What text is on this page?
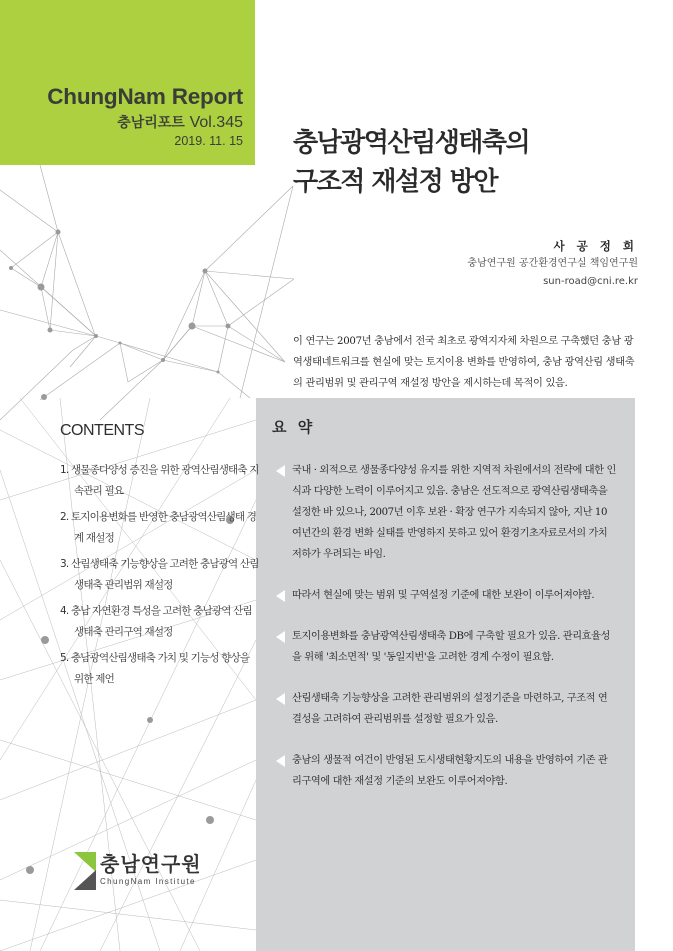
ChungNam Report
충남리포트 Vol.345
2019. 11. 15 충남광역산림생태축의
구조적 재설정 방안
사 공 정 희
충남연구원 공간환경연구실 책임연구원
sun-road@cni.re.kr
이 연구는 2007년 충남에서 전국 최초로 광역지자체 차원으로 구축했던 충남 광역생태네트워크를 현실에 맞는 토지이용 변화를 반영하여, 충남 광역산림 생태축의 관리범위 및 관리구역 재설정 방안을 제시하는데 목적이 있음.
CONTENTS
1. 생물종다양성 증진을 위한 광역산림생태축 지속관리 필요
2. 토지이용변화를 반영한 충남광역산림생태 경계 재설정
3. 산림생태축 기능향상을 고려한 충남광역 산림생태축 관리범위 재설정
4. 충남 자연환경 특성을 고려한 충남광역 산림생태축 관리구역 재설정
5. 충남광역산림생태축 가치 및 기능성 향상을 위한 제언
요 약
국내 · 외적으로 생물종다양성 유지를 위한 지역적 차원에서의 전략에 대한 인식과 다양한 노력이 이루어지고 있음. 충남은 선도적으로 광역산림생태축을 설정한 바 있으나, 2007년 이후 보완 · 확장 연구가 지속되지 않아, 지난 10여년간의 환경 변화 실태를 반영하지 못하고 있어 환경기초자료로서의 가치 저하가 우려되는 바임.
따라서 현실에 맞는 범위 및 구역설정 기준에 대한 보완이 이루어져야함.
토지이용변화를 충남광역산림생태축 DB에 구축할 필요가 있음. 관리효율성을 위해 '최소면적' 및 '동일지번'을 고려한 경계 수정이 필요함.
산림생태축 기능향상을 고려한 관리범위의 설정기준을 마련하고, 구조적 연결성을 고려하여 관리범위를 설정할 필요가 있음.
충남의 생물적 여건이 반영된 도시생태현황지도의 내용을 반영하여 기존 관리구역에 대한 재설정 기준의 보완도 이루어져야함.
충남연구원
ChungNam Institute
